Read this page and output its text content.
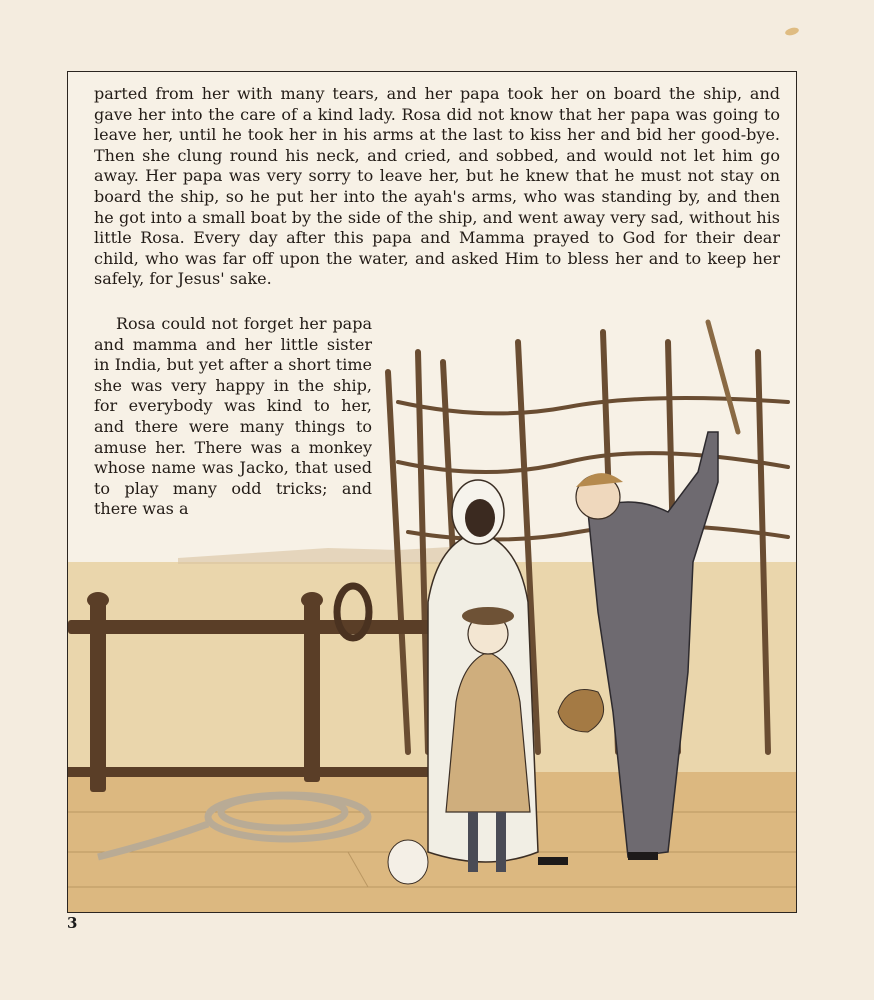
parted from her with many tears, and her papa took her on board the ship, and gave her into the care of a kind lady. Rosa did not know that her papa was going to leave her, until he took her in his arms at the last to kiss her and bid her good-bye. Then she clung round his neck, and cried, and sobbed, and would not let him go away. Her papa was very sorry to leave her, but he knew that he must not stay on board the ship, so he put her into the ayah's arms, who was standing by, and then he got into a small boat by the side of the ship, and went away very sad, without his little Rosa. Every day after this papa and Mamma prayed to God for their dear child, who was far off upon the water, and asked Him to bless her and to keep her safely, for Jesus' sake.

Rosa could not forget her papa and mamma and her little sister in India, but yet after a short time she was very happy in the ship, for everybody was kind to her, and there were many things to amuse her. There was a monkey whose name was Jacko, that used to play many odd tricks; and there was a

3
